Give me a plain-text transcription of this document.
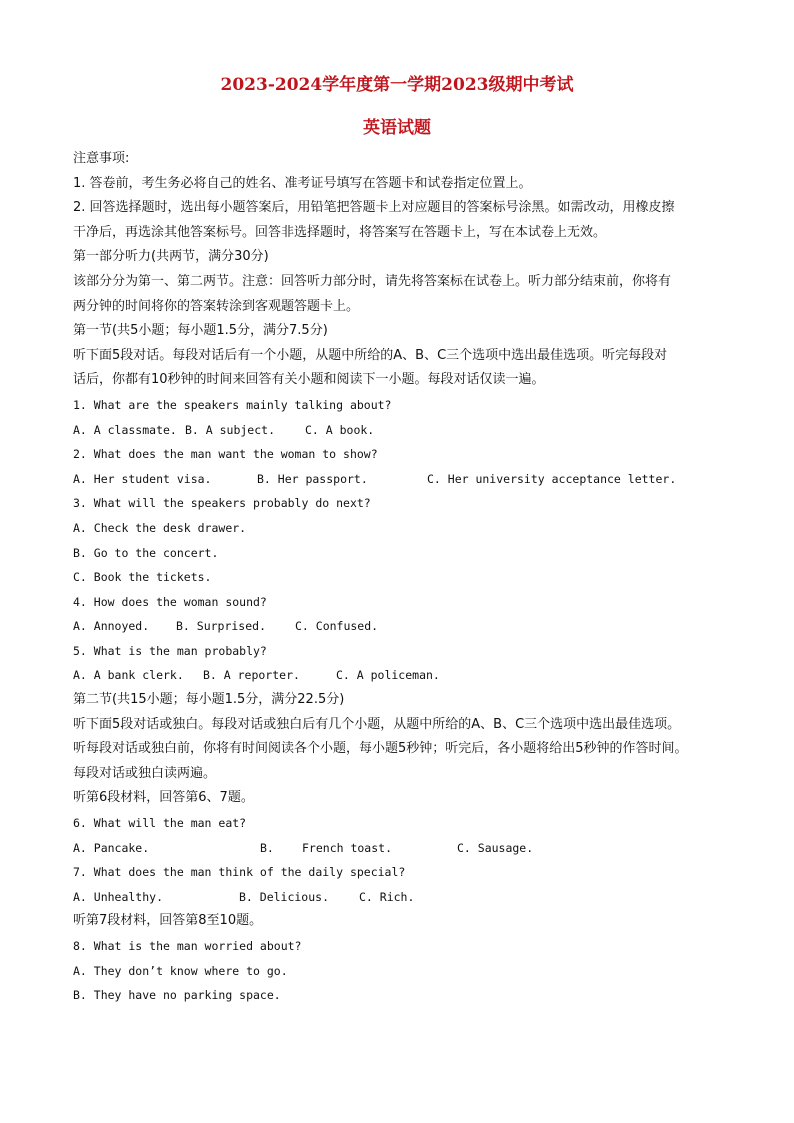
2023-2024学年度第一学期2023级期中考试
英语试题
注意事项:
1. 答卷前，考生务必将自己的姓名、准考证号填写在答题卡和试卷指定位置上。
2. 回答选择题时，选出每小题答案后，用铅笔把答题卡上对应题目的答案标号涂黑。如需改动，用橡皮擦
干净后，再选涂其他答案标号。回答非选择题时，将答案写在答题卡上，写在本试卷上无效。
第一部分听力(共两节，满分30分)
该部分分为第一、第二两节。注意：回答听力部分时，请先将答案标在试卷上。听力部分结束前，你将有
两分钟的时间将你的答案转涂到客观题答题卡上。
第一节(共5小题；每小题1.5分，满分7.5分)
听下面5段对话。每段对话后有一个小题，从题中所给的A、B、C三个选项中选出最佳选项。听完每段对
话后，你都有10秒钟的时间来回答有关小题和阅读下一小题。每段对话仅读一遍。
1. What are the speakers mainly talking about?
A. A classmate. B. A subject.	C. A book.
2. What does the man want the woman to show?
A. Her student visa.	B. Her passport.	C. Her university acceptance letter.
3. What will the speakers probably do next?
A. Check the desk drawer.
B. Go to the concert.
C. Book the tickets.
4. How does the woman sound?
A. Annoyed. B. Surprised.	C. Confused.
5. What is the man probably?
A. A bank clerk. B. A reporter.	C. A policeman.
第二节(共15小题；每小题1.5分，满分22.5分)
听下面5段对话或独白。每段对话或独白后有几个小题，从题中所给的A、B、C三个选项中选出最佳选项。
听每段对话或独白前，你将有时间阅读各个小题，每小题5秒钟；听完后，各小题将给出5秒钟的作答时间。
每段对话或独白读两遍。
听第6段材料，回答第6、7题。
6. What will the man eat?
A. Pancake.	B. French toast.	C. Sausage.
7. What does the man think of the daily special?
A. Unhealthy.	B. Delicious.	C. Rich.
听第7段材料，回答第8至10题。
8. What is the man worried about?
A. They don’t know where to go.
B. They have no parking space.
